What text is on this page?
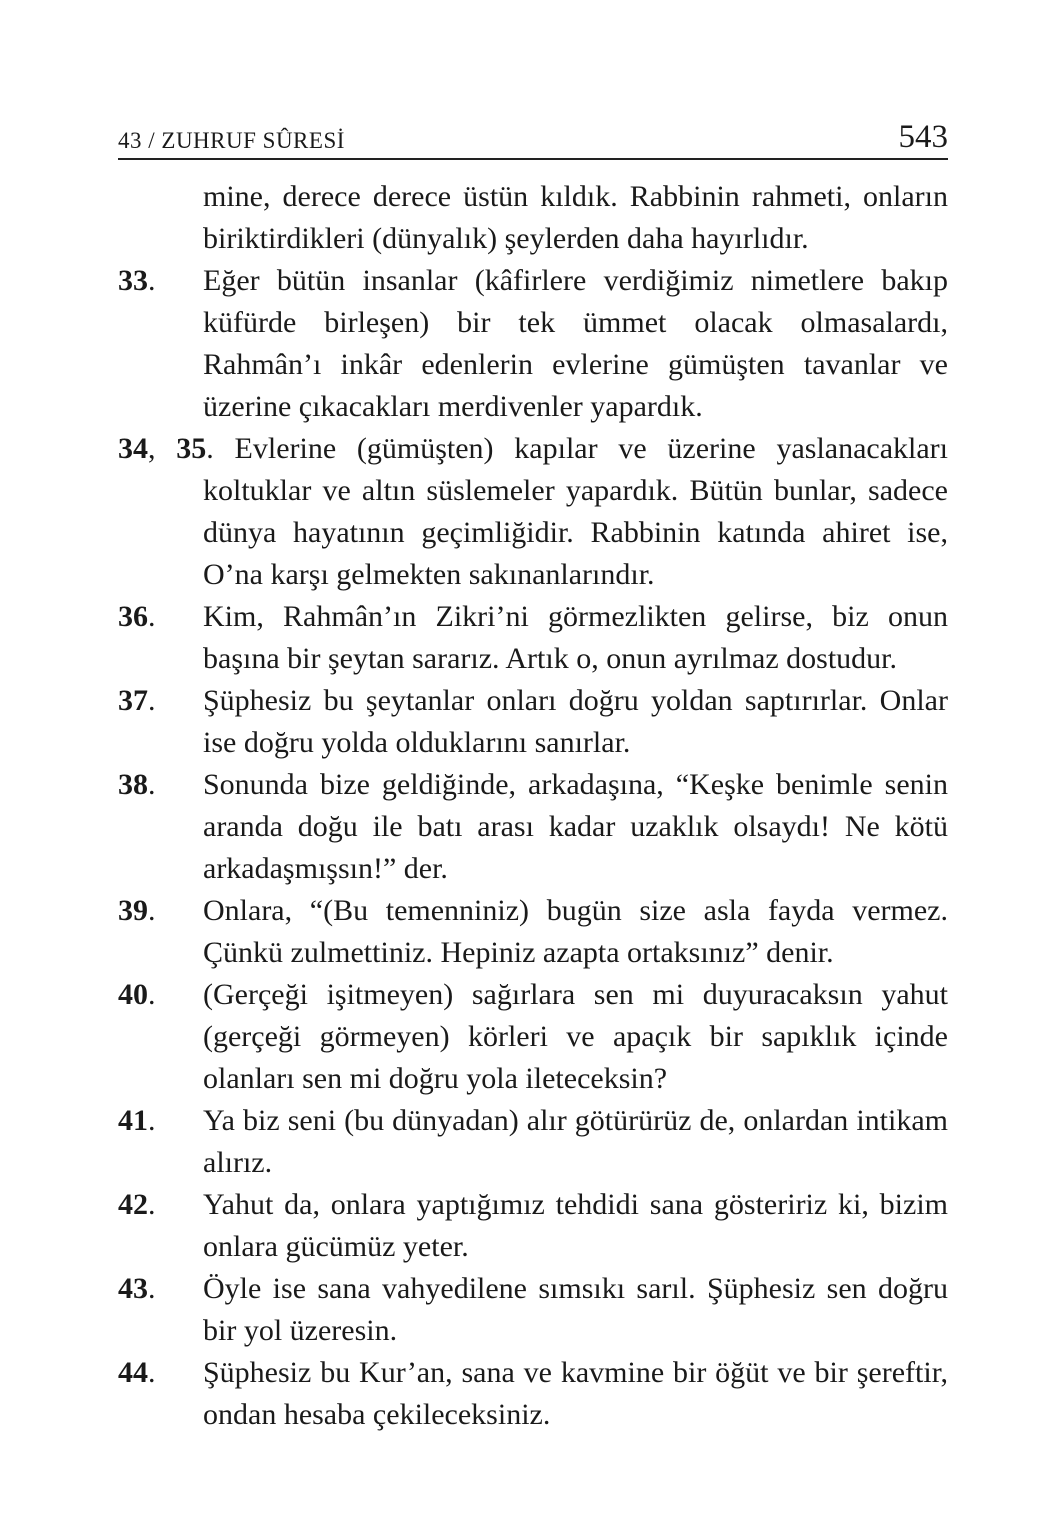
43 / ZUHRUF SÛRESİ	543
mine, derece derece üstün kıldık. Rabbinin rahmeti, onların biriktirdikleri (dünyalık) şeylerden daha hayırlıdır.
33. Eğer bütün insanlar (kâfirlere verdiğimiz nimetlere bakıp küfürde birleşen) bir tek ümmet olacak olmasalardı, Rahmân’ı inkâr edenlerin evlerine gümüşten tavanlar ve üzerine çıkacakları merdivenler yapardık.
34, 35. Evlerine (gümüşten) kapılar ve üzerine yaslanacakları koltuklar ve altın süslemeler yapardık. Bütün bunlar, sadece dünya hayatının geçimliğidir. Rabbinin katında ahiret ise, O’na karşı gelmekten sakınanlarındır.
36. Kim, Rahmân’ın Zikri’ni görmezlikten gelirse, biz onun başına bir şeytan sararız. Artık o, onun ayrılmaz dostudur.
37. Şüphesiz bu şeytanlar onları doğru yoldan saptırırlar. Onlar ise doğru yolda olduklarını sanırlar.
38. Sonunda bize geldiğinde, arkadaşına, “Keşke benimle senin aranda doğu ile batı arası kadar uzaklık olsaydı! Ne kötü arkadaşmışsın!” der.
39. Onlara, “(Bu temenniniz) bugün size asla fayda vermez. Çünkü zulmettiniz. Hepiniz azapta ortaksınız” denir.
40. (Gerçeği işitmeyen) sağırlara sen mi duyuracaksın yahut (gerçeği görmeyen) körleri ve apaçık bir sapıklık içinde olanları sen mi doğru yola ileteceksin?
41. Ya biz seni (bu dünyadan) alır götürürüz de, onlardan intikam alırız.
42. Yahut da, onlara yaptığımız tehdidi sana gösteririz ki, bizim onlara gücümüz yeter.
43. Öyle ise sana vahyedilene sımsıkı sarıl. Şüphesiz sen doğru bir yol üzeresin.
44. Şüphesiz bu Kur’an, sana ve kavmine bir öğüt ve bir şereftir, ondan hesaba çekileceksiniz.
